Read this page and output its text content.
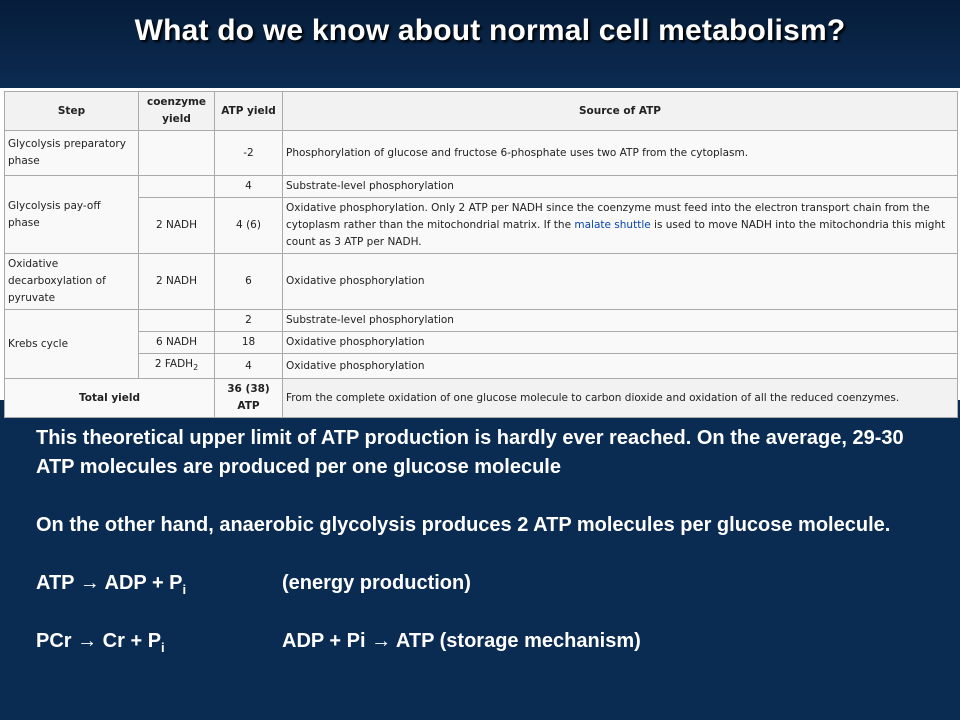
What do we know about normal cell metabolism?
Step	coenzyme yield	ATP yield	Source of ATP
Glycolysis preparatory phase		-2	Phosphorylation of glucose and fructose 6-phosphate uses two ATP from the cytoplasm.
Glycolysis pay-off phase		4	Substrate-level phosphorylation
	2 NADH	4 (6)	Oxidative phosphorylation. Only 2 ATP per NADH since the coenzyme must feed into the electron transport chain from the cytoplasm rather than the mitochondrial matrix. If the malate shuttle is used to move NADH into the mitochondria this might count as 3 ATP per NADH.
Oxidative decarboxylation of pyruvate	2 NADH	6	Oxidative phosphorylation
Krebs cycle		2	Substrate-level phosphorylation
	6 NADH	18	Oxidative phosphorylation
	2 $FADH_2$	4	Oxidative phosphorylation
Total yield		36 (38) ATP	From the complete oxidation of one glucose molecule to carbon dioxide and oxidation of all the reduced coenzymes.

This theoretical upper limit of ATP production is hardly ever reached. On the average, 29-30 ATP molecules are produced per one glucose molecule

On the other hand, anaerobic glycolysis produces 2 ATP molecules per glucose molecule.

ATP → ADP + $P_i$	(energy production)
PCr → $Cr + P_i$	ADP + Pi → ATP (storage mechanism)
